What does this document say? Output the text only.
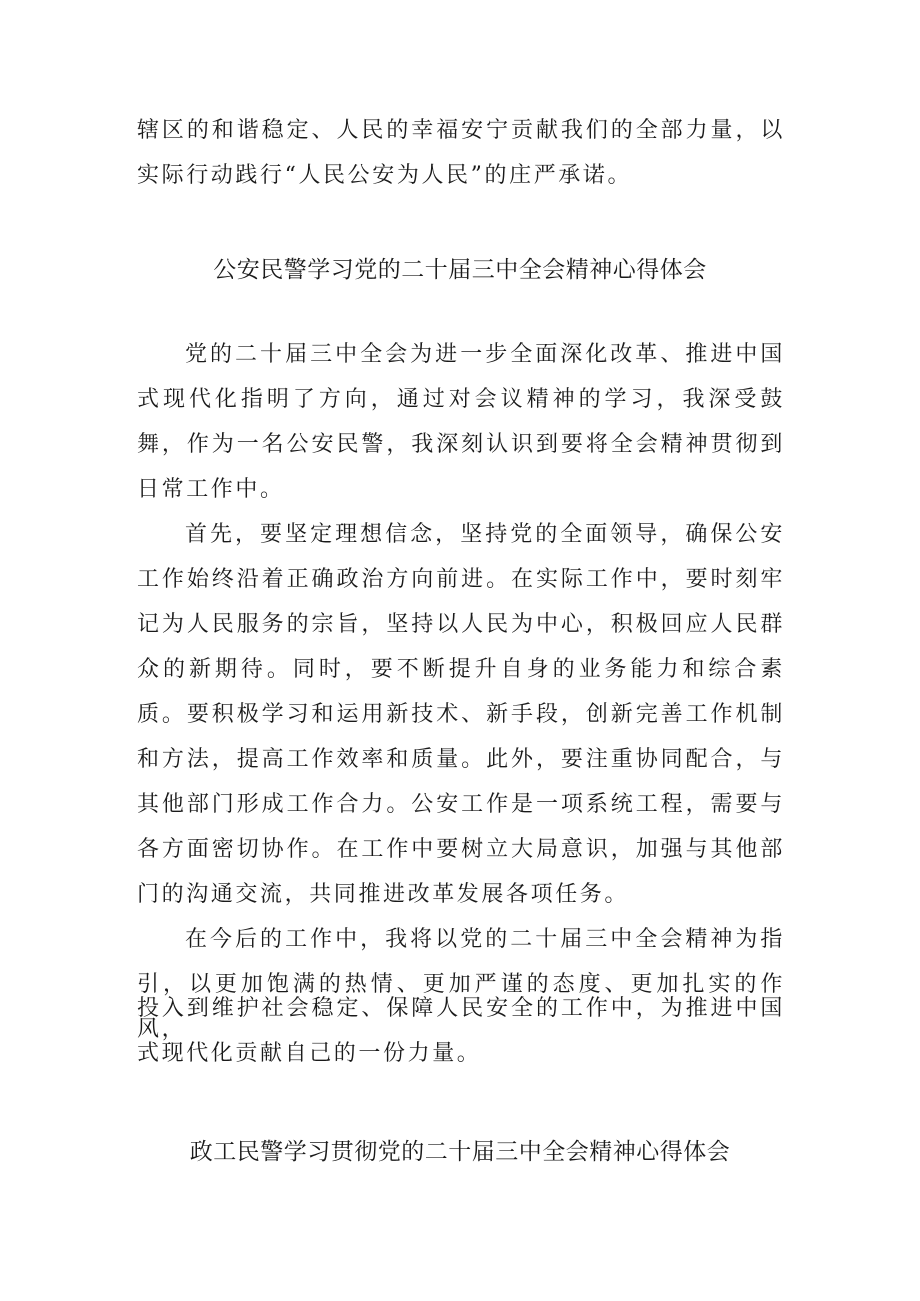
辖区的和谐稳定、人民的幸福安宁贡献我们的全部力量，以实际行动践行“人民公安为人民”的庄严承诺。

公安民警学习党的二十届三中全会精神心得体会

党的二十届三中全会为进一步全面深化改革、推进中国式现代化指明了方向，通过对会议精神的学习，我深受鼓舞，作为一名公安民警，我深刻认识到要将全会精神贯彻到日常工作中。

首先，要坚定理想信念，坚持党的全面领导，确保公安工作始终沿着正确政治方向前进。在实际工作中，要时刻牢记为人民服务的宗旨，坚持以人民为中心，积极回应人民群众的新期待。同时，要不断提升自身的业务能力和综合素质。要积极学习和运用新技术、新手段，创新完善工作机制和方法，提高工作效率和质量。此外，要注重协同配合，与其他部门形成工作合力。公安工作是一项系统工程，需要与各方面密切协作。在工作中要树立大局意识，加强与其他部门的沟通交流，共同推进改革发展各项任务。

在今后的工作中，我将以党的二十届三中全会精神为指引，以更加饱满的热情、更加严谨的态度、更加扎实的作风，

投入到维护社会稳定、保障人民安全的工作中，为推进中国式现代化贡献自己的一份力量。

政工民警学习贯彻党的二十届三中全会精神心得体会
